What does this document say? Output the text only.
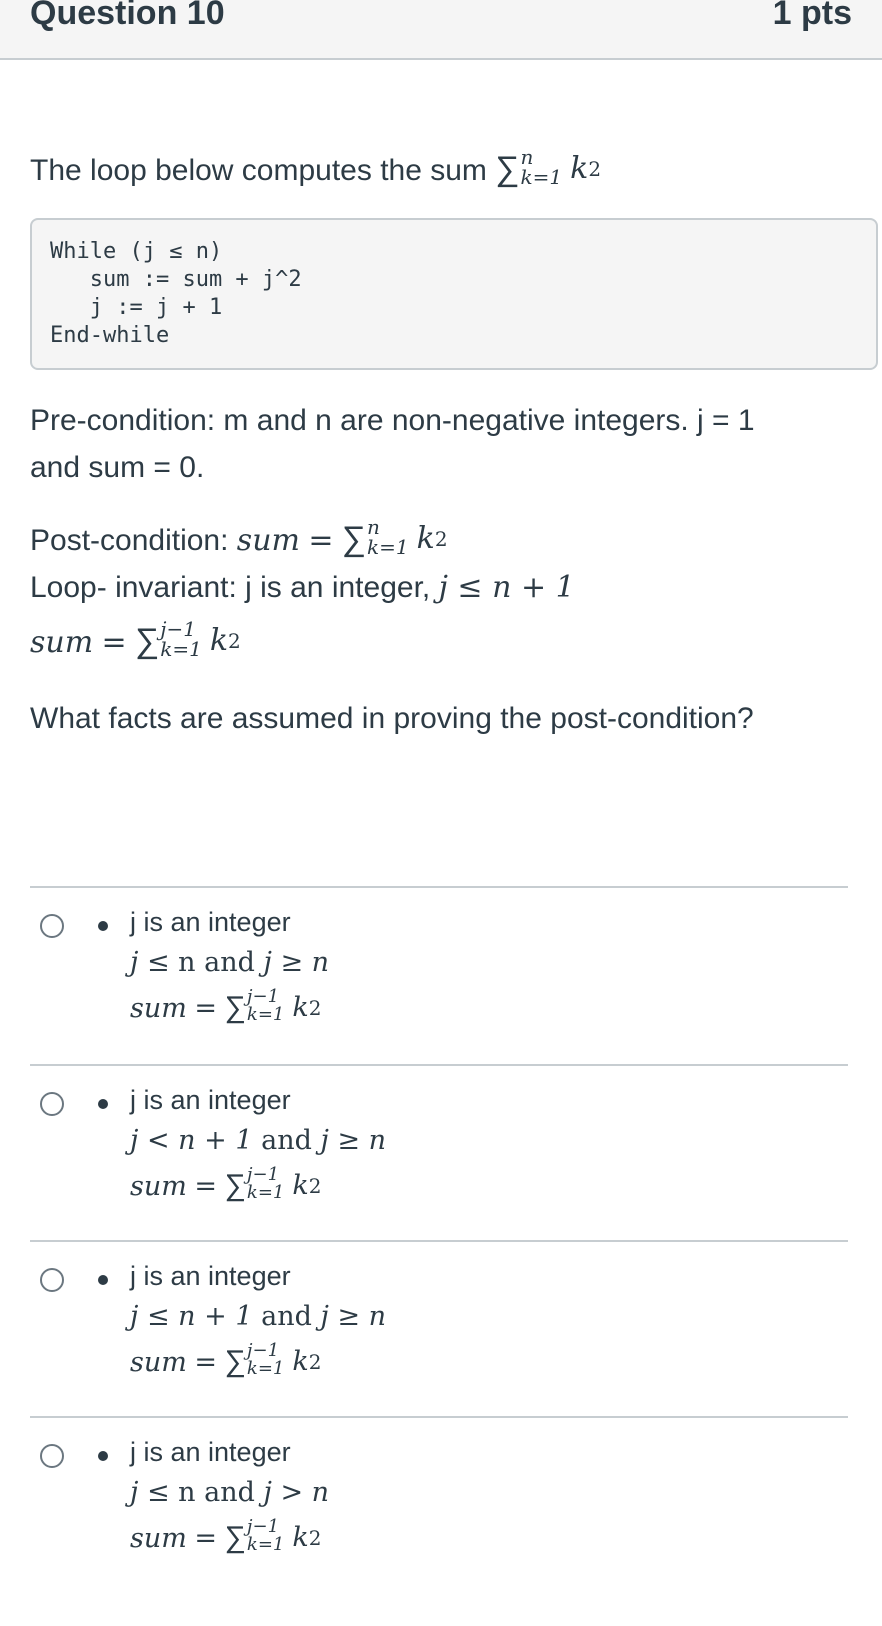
Question 10	1 pts
The loop below computes the sum ∑ n
k=1 k 2
While (j ≤ n)
sum := sum + j^2
j := j + 1
End-while
Pre-condition: m and n are non-negative integers. j = 1
and sum = 0.
Post-condition: sum = ∑ n
k=1 k 2
Loop- invariant: j is an integer, j ≤ n + 1
sum = ∑ j−1
k=1 k 2
What facts are assumed in proving the post-condition?
j is an integer
j ≤ n and j ≥ n
sum = ∑ j−1
k=1 k 2
j is an integer
j < n + 1 and j ≥ n
sum = ∑ j−1
k=1 k 2
j is an integer
j ≤ n + 1 and j ≥ n
sum = ∑ j−1
k=1 k 2
j is an integer
j ≤ n and j > n
sum = ∑ j−1
k=1 k 2
